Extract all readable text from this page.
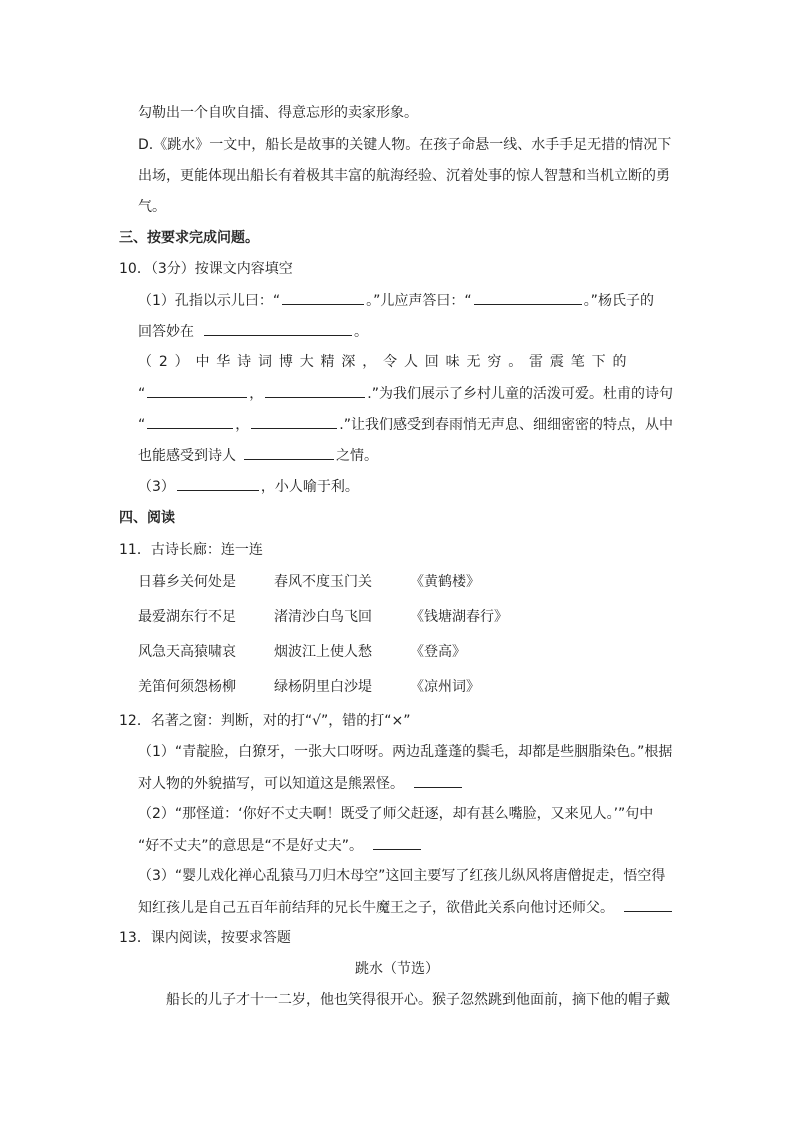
勾勒出一个自吹自擂、得意忘形的卖家形象。
D.《跳水》一文中，船长是故事的关键人物。在孩子命悬一线、水手手足无措的情况下
出场，更能体现出船长有着极其丰富的航海经验、沉着处事的惊人智慧和当机立断的勇
气。
三、按要求完成问题。
10．（3分）按课文内容填空
（1）孔指以示儿曰：“	。”儿应声答曰：“	。”杨氏子的
回答妙在	。
（ 2 ） 中 华 诗 词 博 大 精 深 ， 令 人 回 味 无 穷 。 雷 震 笔 下 的
“	，	.”为我们展示了乡村儿童的活泼可爱。杜甫的诗句
“	，	.”让我们感受到春雨悄无声息、细细密密的特点，从中
也能感受到诗人	之情。
（3）	，小人喻于利。
四、阅读
11．古诗长廊：连一连
日暮乡关何处是	春风不度玉门关	《黄鹤楼》
最爱湖东行不足	渚清沙白鸟飞回	《钱塘湖春行》
风急天高猿啸哀	烟波江上使人愁	《登高》
羌笛何须怨杨柳	绿杨阴里白沙堤	《凉州词》
12．名著之窗：判断，对的打“√”，错的打“×”
（1）“青靛脸，白獠牙，一张大口呀呀。两边乱蓬蓬的鬓毛，却都是些胭脂染色。”根据
对人物的外貌描写，可以知道这是熊罴怪。
（2）“那怪道：‘你好不丈夫啊！既受了师父赶逐，却有甚么嘴脸，又来见人。’”句中
“好不丈夫”的意思是“不是好丈夫”。
（3）“婴儿戏化禅心乱猿马刀归木母空”这回主要写了红孩儿纵风将唐僧捉走，悟空得
知红孩儿是自己五百年前结拜的兄长牛魔王之子，欲借此关系向他讨还师父。
13．课内阅读，按要求答题
跳水（节选）
船长的儿子才十一二岁，他也笑得很开心。猴子忽然跳到他面前，摘下他的帽子戴
